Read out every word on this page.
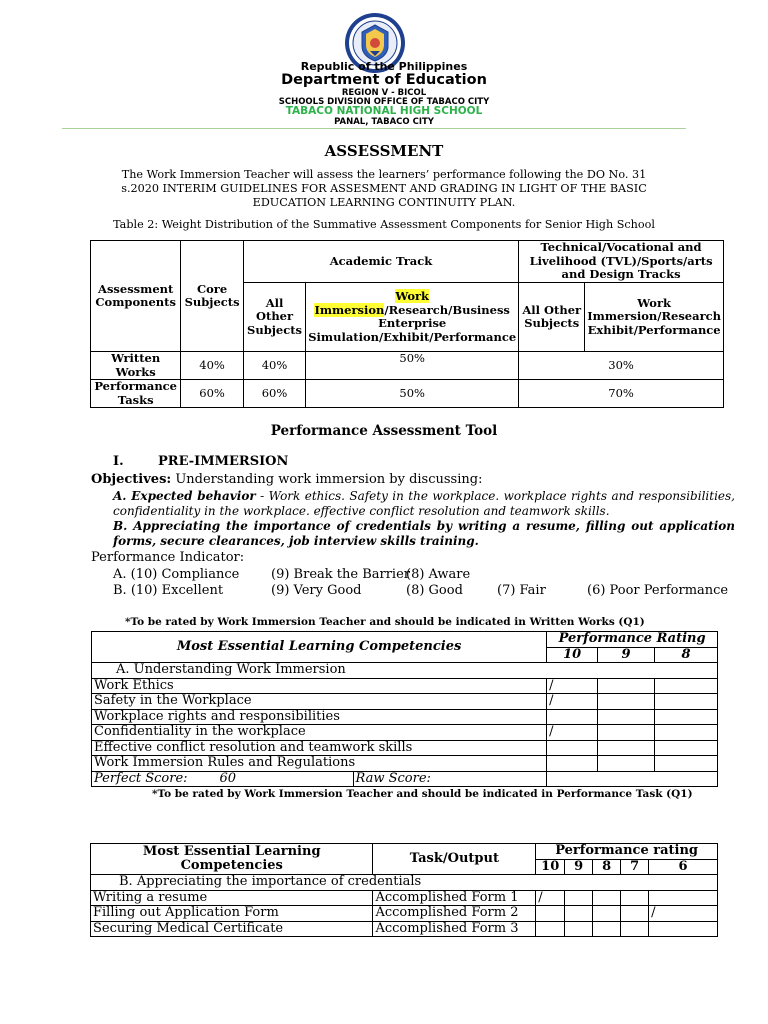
Republic of the Philippines
Department of Education
REGION V - BICOL
SCHOOLS DIVISION OFFICE OF TABACO CITY
TABACO NATIONAL HIGH SCHOOL
PANAL, TABACO CITY
ASSESSMENT
The Work Immersion Teacher will assess the learners’ performance following the DO No. 31 s.2020 INTERIM GUIDELINES FOR ASSESMENT AND GRADING IN LIGHT OF THE BASIC EDUCATION LEARNING CONTINUITY PLAN.
Table 2: Weight Distribution of the Summative Assessment Components for Senior High School
Assessment Components	Core Subjects	Academic Track		Technical/Vocational and Livelihood (TVL)/Sports/arts and Design Tracks	
		All Other Subjects	Work Immersion/Research/Business Enterprise Simulation/Exhibit/Performance	All Other Subjects	Work Immersion/Research Exhibit/Performance
Written Works	40%	40%	50%	30%	
Performance Tasks	60%	60%	50%	70%	
Performance Assessment Tool
I.	PRE-IMMERSION
Objectives: Understanding work immersion by discussing:
A. Expected behavior - Work ethics. Safety in the workplace. workplace rights and responsibilities, confidentiality in the workplace. effective conflict resolution and teamwork skills.
B. Appreciating the importance of credentials by writing a resume, filling out application forms, secure clearances, job interview skills training.
Performance Indicator:
A. (10) Compliance (9) Break the Barrier
(8) Aware
B. (10) Excellent	(9) Very Good	(8) Good	(7) Fair	(6) Poor Performance
*To be rated by Work Immersion Teacher and should be indicated in Written Works (Q1)
Most Essential Learning Competencies		Performance Rating		
		10	9	8
A. Understanding Work Immersion				
Work Ethics		/		
Safety in the Workplace		/		
Workplace rights and responsibilities				
Confidentiality in the workplace		/		
Effective conflict resolution and teamwork skills				
Work Immersion Rules and Regulations				
Perfect Score: 60	Raw Score:			
*To be rated by Work Immersion Teacher and should be indicated in Performance Task (Q1)
Most Essential Learning Competencies	Task/Output	Performance rating				
		10	9	8	7	6
B. Appreciating the importance of credentials						
Writing a resume	Accomplished Form 1	/				
Filling out Application Form	Accomplished Form 2					/
Securing Medical Certificate	Accomplished Form 3					
